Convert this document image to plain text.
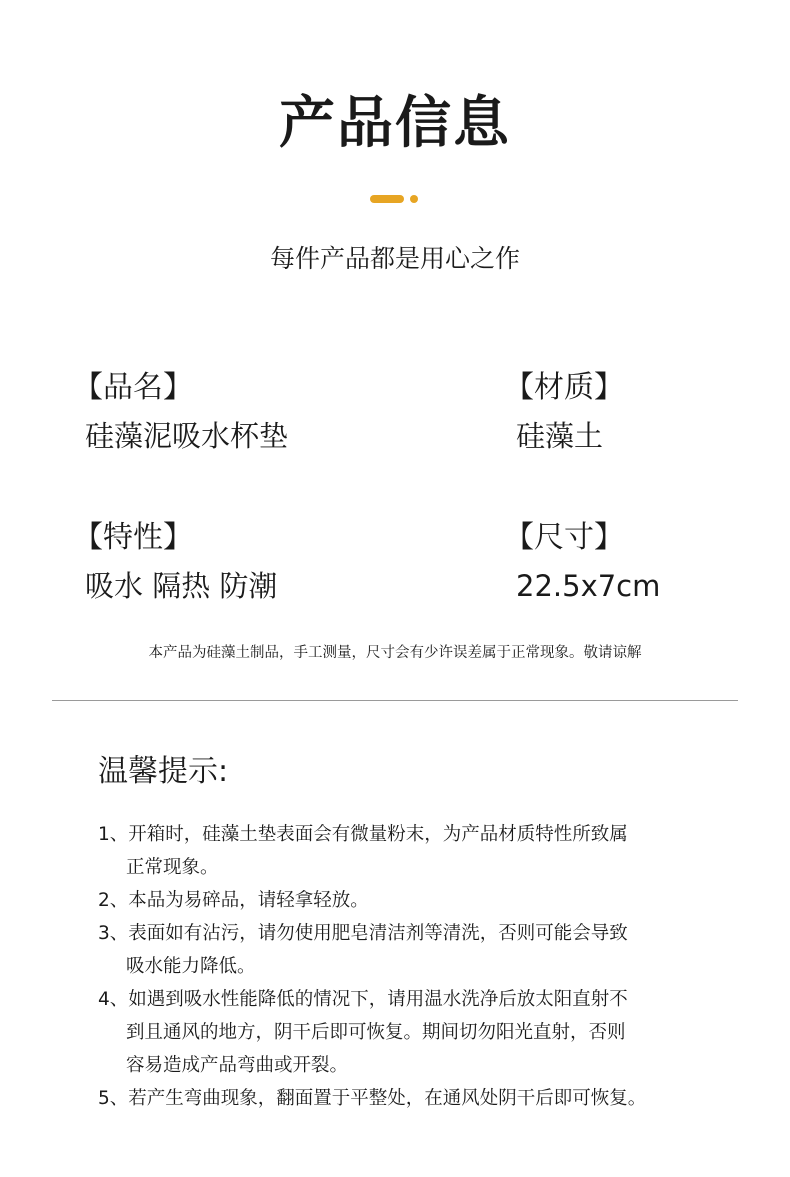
产品信息
每件产品都是用心之作
【品名】
硅藻泥吸水杯垫
【材质】
硅藻土
【特性】
吸水 隔热 防潮
【尺寸】
22.5x7cm
本产品为硅藻土制品，手工测量，尺寸会有少许误差属于正常现象。敬请谅解
温馨提示:
1、开箱时，硅藻土垫表面会有微量粉末，为产品材质特性所致属
正常现象。
2、本品为易碎品，请轻拿轻放。
3、表面如有沾污，请勿使用肥皂清洁剂等清洗，否则可能会导致
吸水能力降低。
4、如遇到吸水性能降低的情况下，请用温水洗净后放太阳直射不
到且通风的地方，阴干后即可恢复。期间切勿阳光直射，否则
容易造成产品弯曲或开裂。
5、若产生弯曲现象，翻面置于平整处，在通风处阴干后即可恢复。
